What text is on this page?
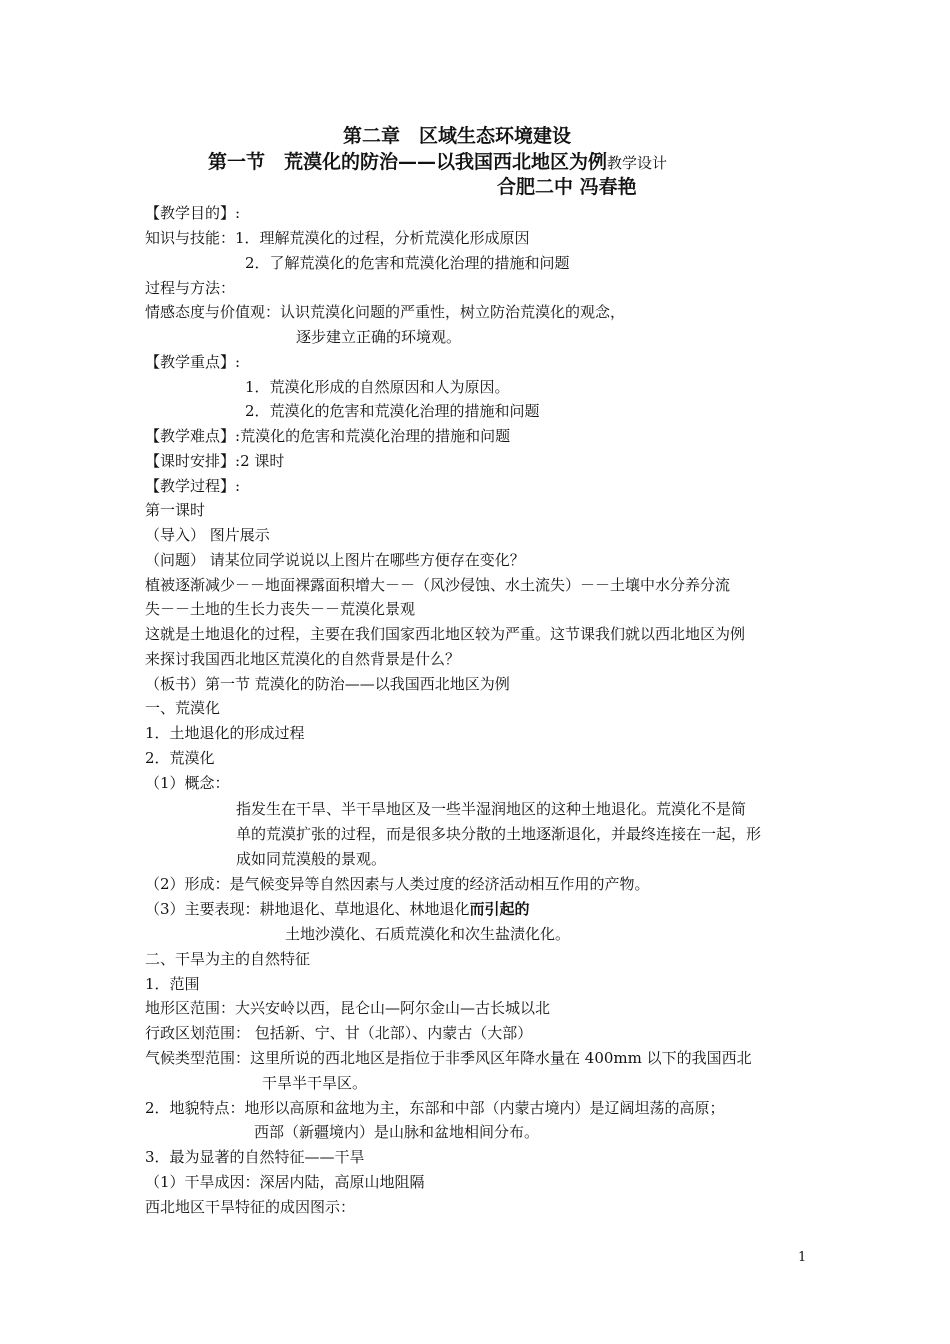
第二章　区域生态环境建设
第一节　荒漠化的防治——以我国西北地区为例教学设计
合肥二中 冯春艳
【教学目的】:
知识与技能：1．理解荒漠化的过程，分析荒漠化形成原因
2．了解荒漠化的危害和荒漠化治理的措施和问题
过程与方法：
情感态度与价值观：认识荒漠化问题的严重性，树立防治荒漠化的观念，
逐步建立正确的环境观。
【教学重点】:
1．荒漠化形成的自然原因和人为原因。
2．荒漠化的危害和荒漠化治理的措施和问题
【教学难点】:荒漠化的危害和荒漠化治理的措施和问题
【课时安排】:2 课时
【教学过程】:
第一课时
（导入） 图片展示
（问题） 请某位同学说说以上图片在哪些方便存在变化？
植被逐渐减少－－地面裸露面积增大－－（风沙侵蚀、水土流失）－－土壤中水分养分流
失－－土地的生长力丧失－－荒漠化景观
这就是土地退化的过程，主要在我们国家西北地区较为严重。这节课我们就以西北地区为例
来探讨我国西北地区荒漠化的自然背景是什么？
（板书）第一节 荒漠化的防治——以我国西北地区为例
一、荒漠化
1．土地退化的形成过程
2．荒漠化
（1）概念：
指发生在干旱、半干旱地区及一些半湿润地区的这种土地退化。荒漠化不是简
单的荒漠扩张的过程，而是很多块分散的土地逐渐退化，并最终连接在一起，形
成如同荒漠般的景观。
（2）形成：是气候变异等自然因素与人类过度的经济活动相互作用的产物。
（3）主要表现：耕地退化、草地退化、林地退化而引起的
土地沙漠化、石质荒漠化和次生盐渍化化。
二、干旱为主的自然特征
1．范围
地形区范围：大兴安岭以西，昆仑山—阿尔金山—古长城以北
行政区划范围： 包括新、宁、甘（北部）、内蒙古（大部）
气候类型范围：这里所说的西北地区是指位于非季风区年降水量在 400mm 以下的我国西北
干旱半干旱区。
2．地貌特点：地形以高原和盆地为主，东部和中部（内蒙古境内）是辽阔坦荡的高原；
西部（新疆境内）是山脉和盆地相间分布。
3．最为显著的自然特征——干旱
（1）干旱成因：深居内陆，高原山地阻隔
西北地区干旱特征的成因图示：
1
